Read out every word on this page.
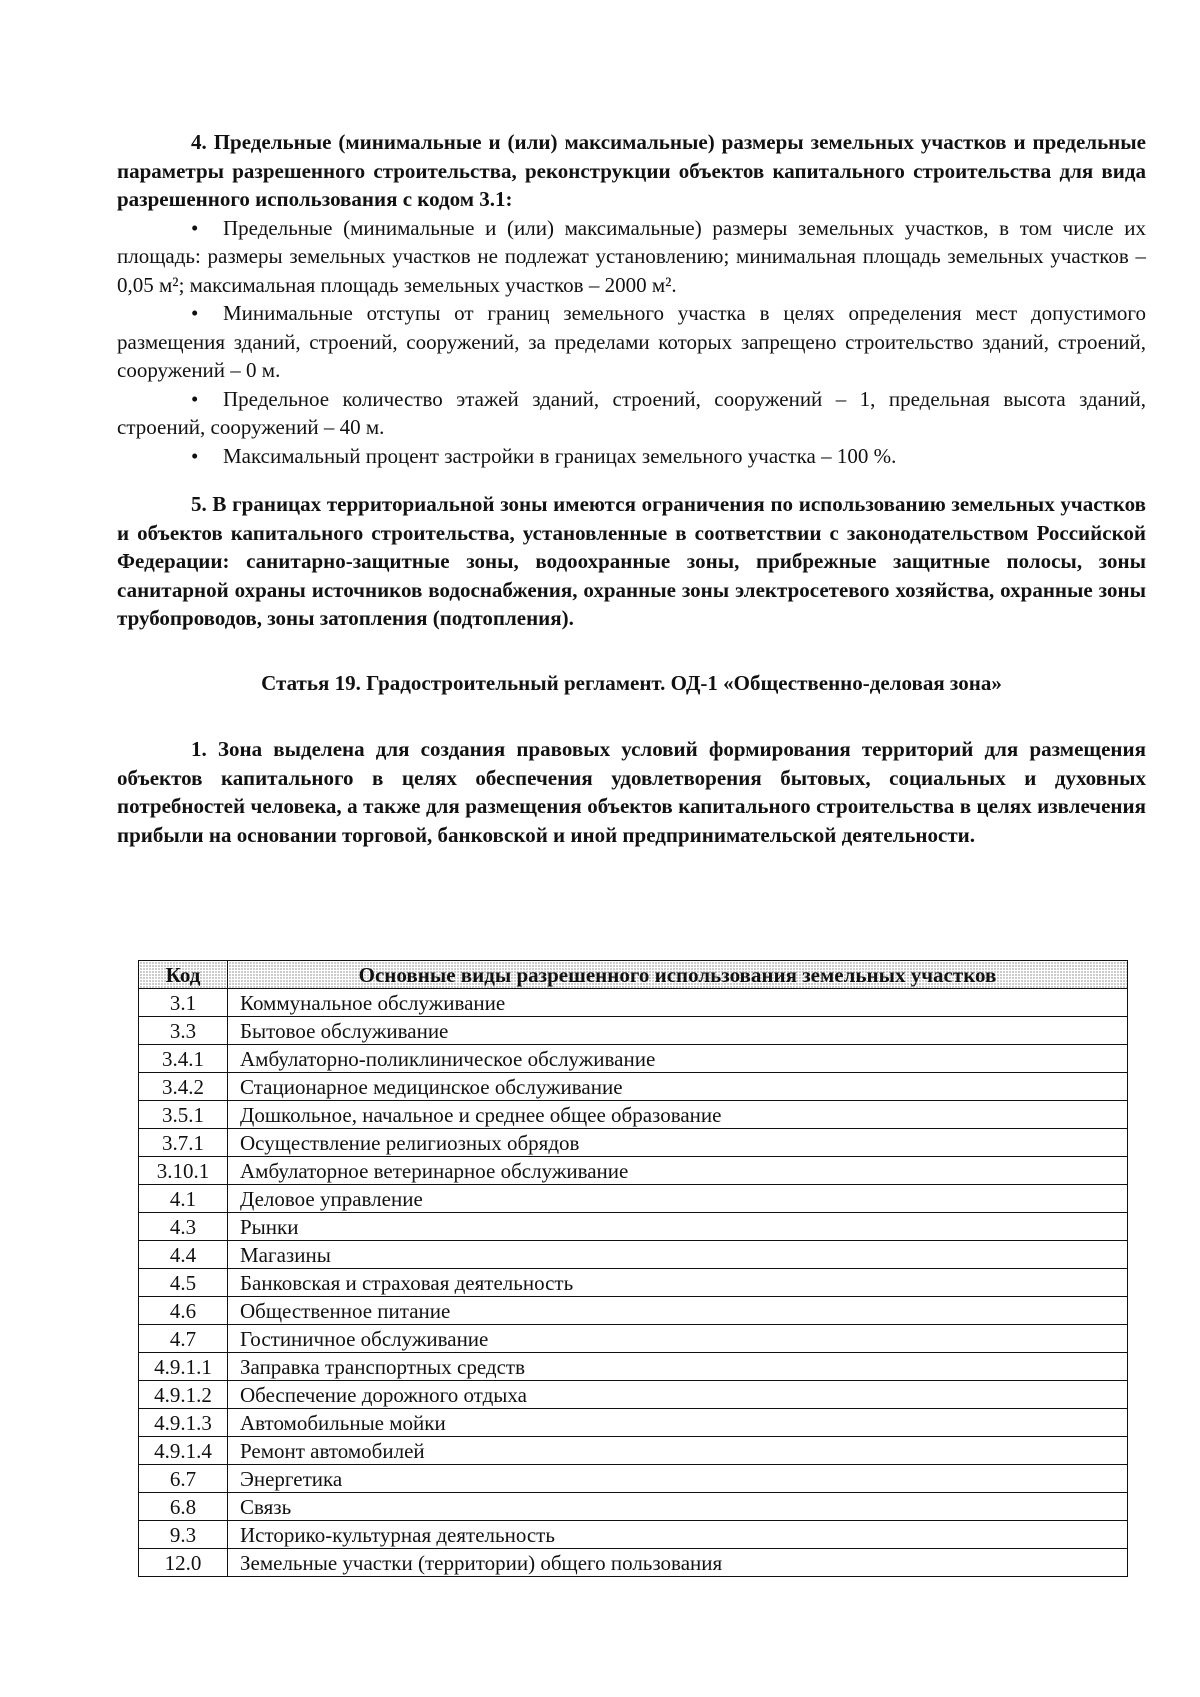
4. Предельные (минимальные и (или) максимальные) размеры земельных участков и предельные параметры разрешенного строительства, реконструкции объектов капитального строительства для вида разрешенного использования с кодом 3.1:

• Предельные (минимальные и (или) максимальные) размеры земельных участков, в том числе их площадь: размеры земельных участков не подлежат установлению; минимальная площадь земельных участков – 0,05 м²; максимальная площадь земельных участков – 2000 м².

• Минимальные отступы от границ земельного участка в целях определения мест допустимого размещения зданий, строений, сооружений, за пределами которых запрещено строительство зданий, строений, сооружений – 0 м.

• Предельное количество этажей зданий, строений, сооружений – 1, предельная высота зданий, строений, сооружений – 40 м.

• Максимальный процент застройки в границах земельного участка – 100 %.

5. В границах территориальной зоны имеются ограничения по использованию земельных участков и объектов капитального строительства, установленные в соответствии с законодательством Российской Федерации: санитарно-защитные зоны, водоохранные зоны, прибрежные защитные полосы, зоны санитарной охраны источников водоснабжения, охранные зоны электросетевого хозяйства, охранные зоны трубопроводов, зоны затопления (подтопления).

Статья 19. Градостроительный регламент. ОД-1 «Общественно-деловая зона»

1. Зона выделена для создания правовых условий формирования территорий для размещения объектов капитального в целях обеспечения удовлетворения бытовых, социальных и духовных потребностей человека, а также для размещения объектов капитального строительства в целях извлечения прибыли на основании торговой, банковской и иной предпринимательской деятельности.

Код	Основные виды разрешенного использования земельных участков
3.1	Коммунальное обслуживание
3.3	Бытовое обслуживание
3.4.1	Амбулаторно-поликлиническое обслуживание
3.4.2	Стационарное медицинское обслуживание
3.5.1	Дошкольное, начальное и среднее общее образование
3.7.1	Осуществление религиозных обрядов
3.10.1	Амбулаторное ветеринарное обслуживание
4.1	Деловое управление
4.3	Рынки
4.4	Магазины
4.5	Банковская и страховая деятельность
4.6	Общественное питание
4.7	Гостиничное обслуживание
4.9.1.1	Заправка транспортных средств
4.9.1.2	Обеспечение дорожного отдыха
4.9.1.3	Автомобильные мойки
4.9.1.4	Ремонт автомобилей
6.7	Энергетика
6.8	Связь
9.3	Историко-культурная деятельность
12.0	Земельные участки (территории) общего пользования
